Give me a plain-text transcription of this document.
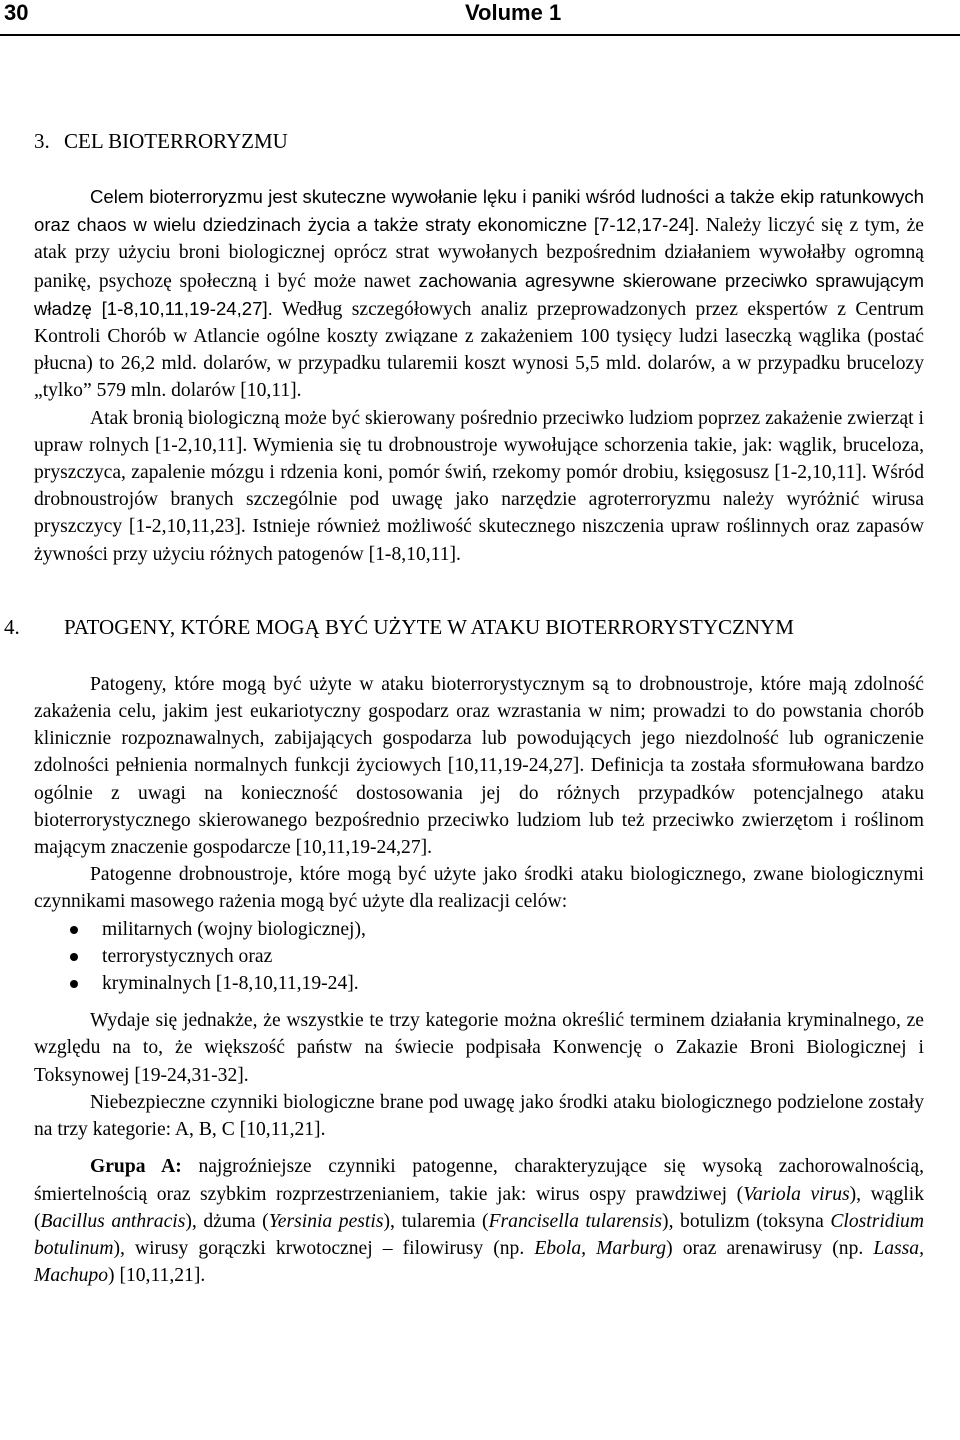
30	Volume 1
3. CEL BIOTERRORYZMU

Celem bioterroryzmu jest skuteczne wywołanie lęku i paniki wśród ludności a także ekip ratunkowych oraz chaos w wielu dziedzinach życia a także straty ekonomiczne [7-12,17-24]. Należy liczyć się z tym, że atak przy użyciu broni biologicznej oprócz strat wywołanych bezpośrednim działaniem wywołałby ogromną panikę, psychozę społeczną i być może nawet zachowania agresywne skierowane przeciwko sprawującym władzę [1-8,10,11,19-24,27]. Według szczegółowych analiz przeprowadzonych przez ekspertów z Centrum Kontroli Chorób w Atlancie ogólne koszty związane z zakażeniem 100 tysięcy ludzi laseczką wąglika (postać płucna) to 26,2 mld. dolarów, w przypadku tularemii koszt wynosi 5,5 mld. dolarów, a w przypadku brucelozy „tylko” 579 mln. dolarów [10,11].

Atak bronią biologiczną może być skierowany pośrednio przeciwko ludziom poprzez zakażenie zwierząt i upraw rolnych [1-2,10,11]. Wymienia się tu drobnoustroje wywołujące schorzenia takie, jak: wąglik, bruceloza, pryszczyca, zapalenie mózgu i rdzenia koni, pomór świń, rzekomy pomór drobiu, księgosusz [1-2,10,11]. Wśród drobnoustrojów branych szczególnie pod uwagę jako narzędzie agroterroryzmu należy wyróżnić wirusa pryszczycy [1-2,10,11,23]. Istnieje również możliwość skutecznego niszczenia upraw roślinnych oraz zapasów żywności przy użyciu różnych patogenów [1-8,10,11].

4. PATOGENY, KTÓRE MOGĄ BYĆ UŻYTE W ATAKU BIOTERRORYSTYCZNYM

Patogeny, które mogą być użyte w ataku bioterrorystycznym są to drobnoustroje, które mają zdolność zakażenia celu, jakim jest eukariotyczny gospodarz oraz wzrastania w nim; prowadzi to do powstania chorób klinicznie rozpoznawalnych, zabijających gospodarza lub powodujących jego niezdolność lub ograniczenie zdolności pełnienia normalnych funkcji życiowych [10,11,19-24,27]. Definicja ta została sformułowana bardzo ogólnie z uwagi na konieczność dostosowania jej do różnych przypadków potencjalnego ataku bioterrorystycznego skierowanego bezpośrednio przeciwko ludziom lub też przeciwko zwierzętom i roślinom mającym znaczenie gospodarcze [10,11,19-24,27].

Patogenne drobnoustroje, które mogą być użyte jako środki ataku biologicznego, zwane biologicznymi czynnikami masowego rażenia mogą być użyte dla realizacji celów:

militarnych (wojny biologicznej),
terrorystycznych oraz
kryminalnych [1-8,10,11,19-24].

Wydaje się jednakże, że wszystkie te trzy kategorie można określić terminem działania kryminalnego, ze względu na to, że większość państw na świecie podpisała Konwencję o Zakazie Broni Biologicznej i Toksynowej [19-24,31-32].

Niebezpieczne czynniki biologiczne brane pod uwagę jako środki ataku biologicznego podzielone zostały na trzy kategorie: A, B, C [10,11,21].

Grupa A: najgroźniejsze czynniki patogenne, charakteryzujące się wysoką zachorowalnością, śmiertelnością oraz szybkim rozprzestrzenianiem, takie jak: wirus ospy prawdziwej (Variola virus), wąglik (Bacillus anthracis), dżuma (Yersinia pestis), tularemia (Francisella tularensis), botulizm (toksyna Clostridium botulinum), wirusy gorączki krwotocznej – filowirusy (np. Ebola, Marburg) oraz arenawirusy (np. Lassa, Machupo) [10,11,21].
